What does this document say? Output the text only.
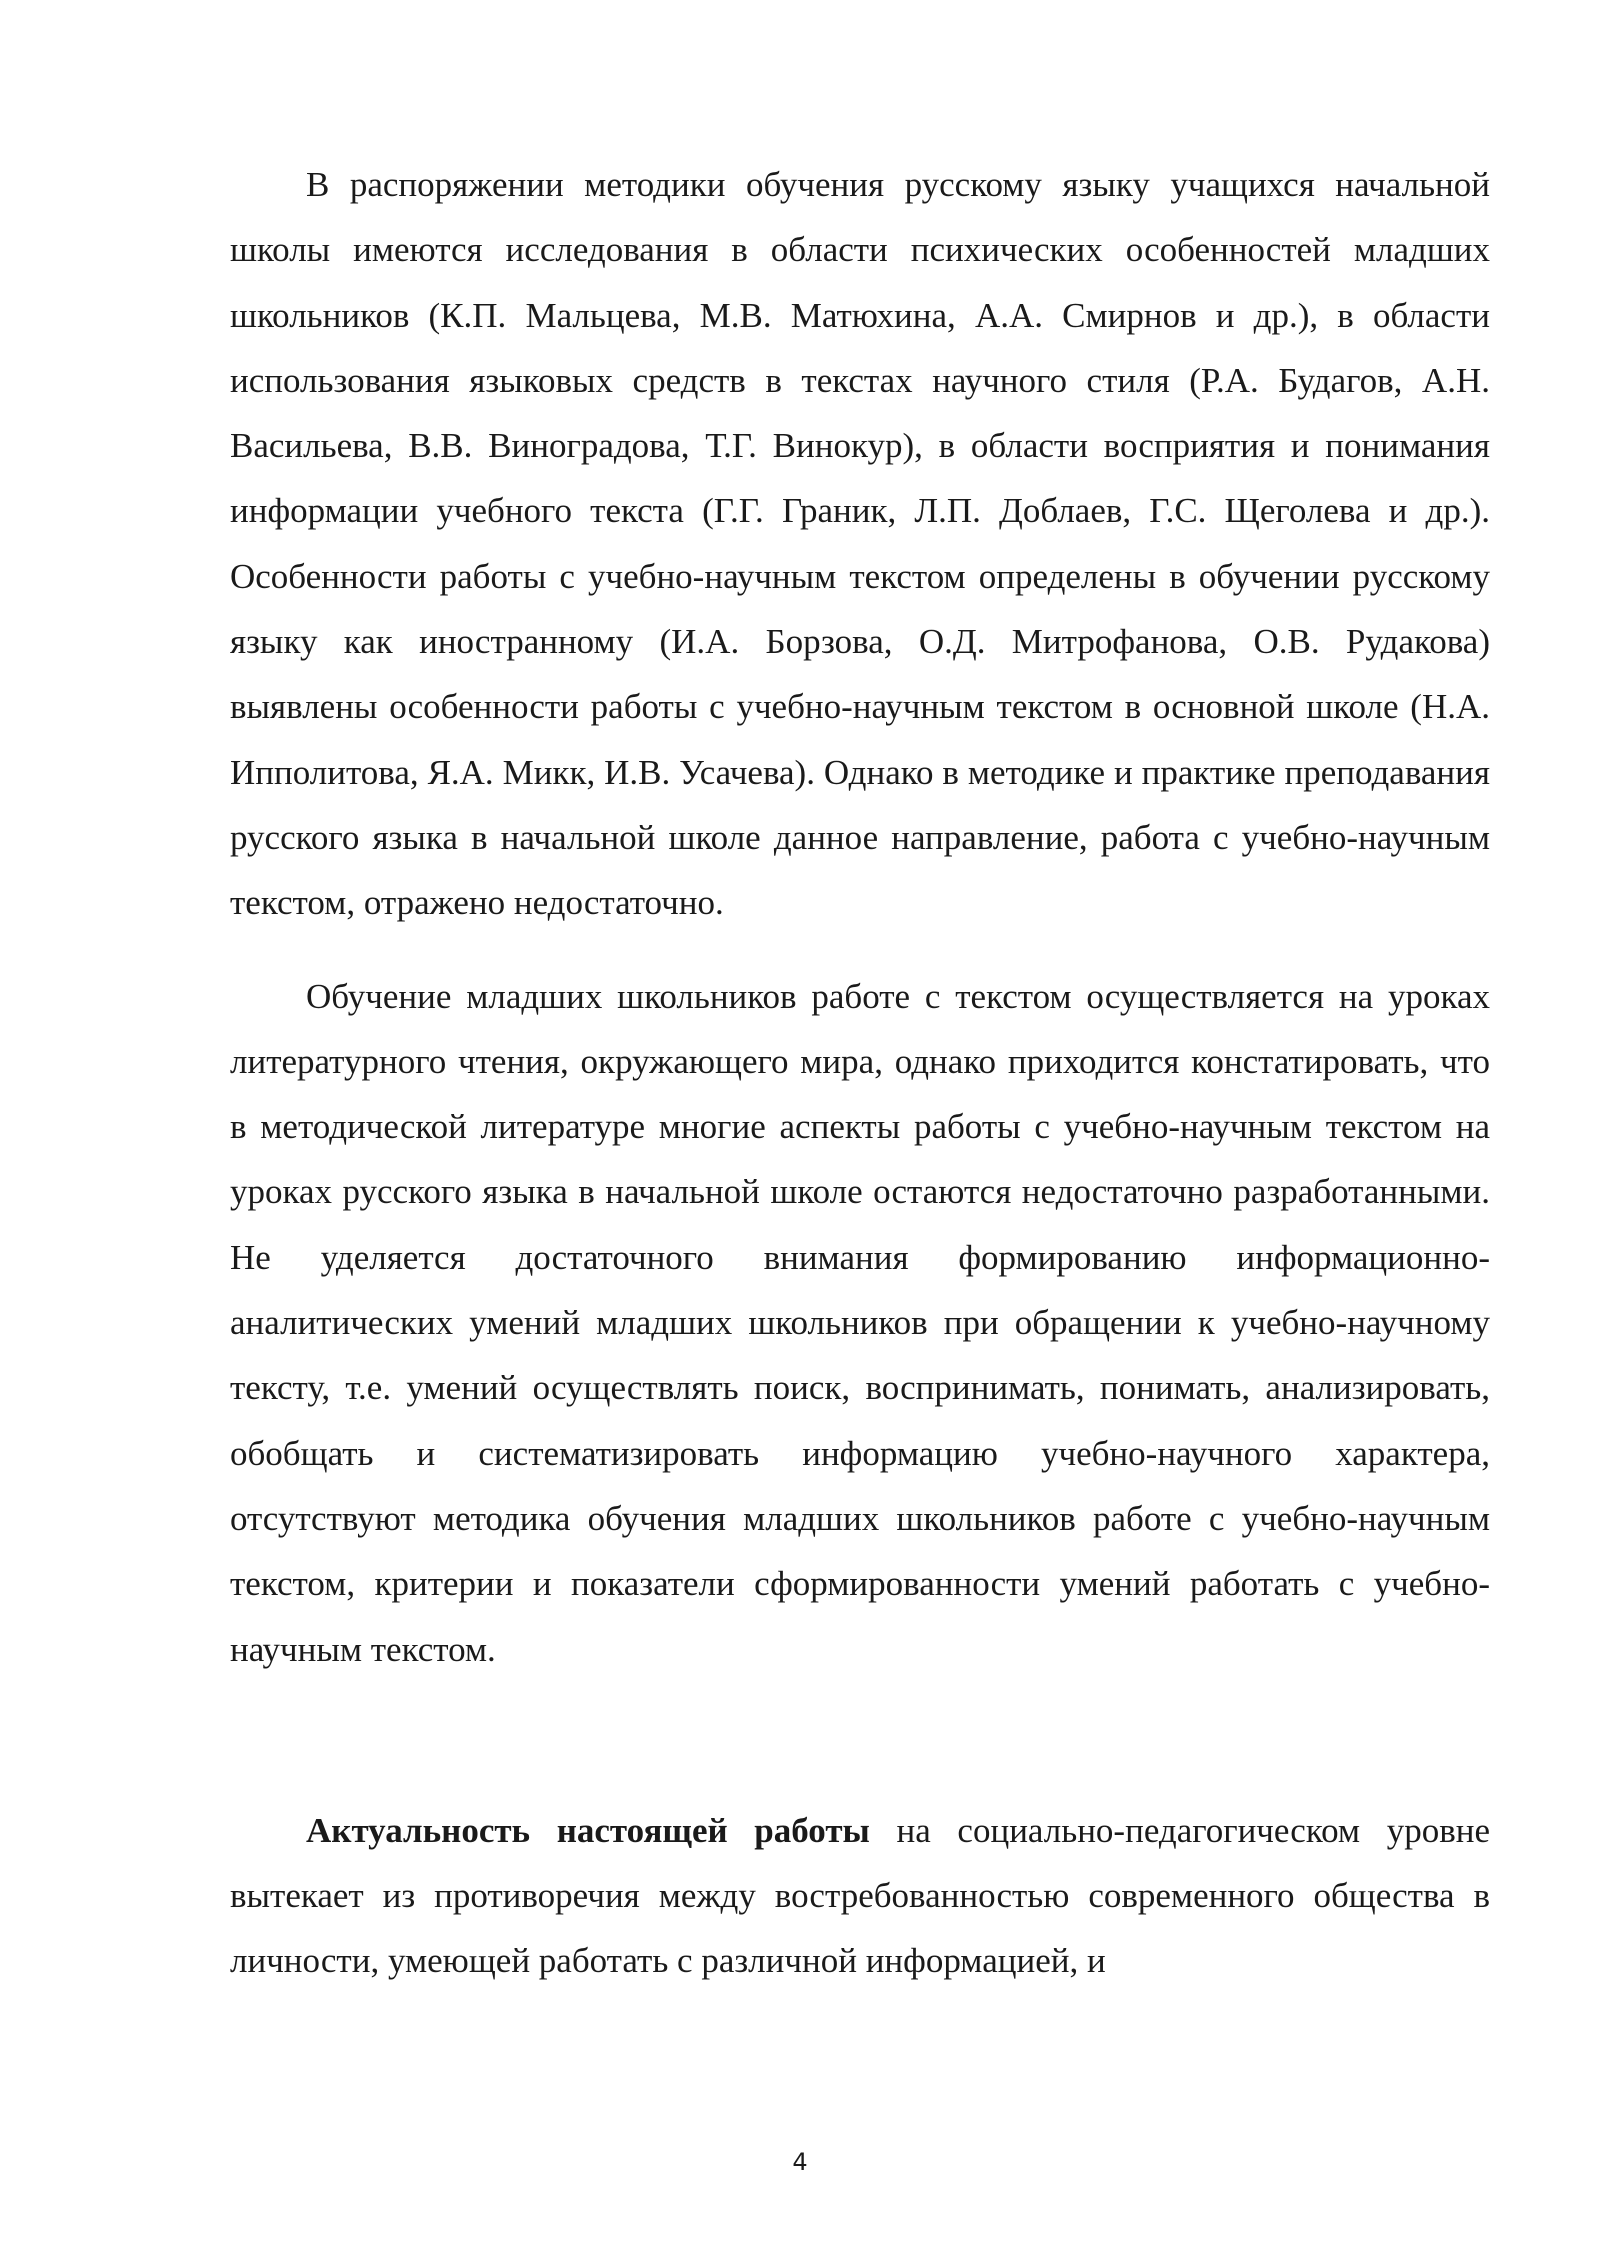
В распоряжении методики обучения русскому языку учащихся начальной школы имеются исследования в области психических особенностей младших школьников (К.П. Мальцева, М.В. Матюхина, А.А. Смирнов и др.), в области использования языковых средств в текстах научного стиля (Р.А. Будагов, А.Н. Васильева, В.В. Виноградова, Т.Г. Винокур), в области восприятия и понимания информации учебного текста (Г.Г. Граник, Л.П. Доблаев, Г.С. Щеголева и др.). Особенности работы с учебно-научным текстом определены в обучении русскому языку как иностранному (И.А. Борзова, О.Д. Митрофанова, О.В. Рудакова) выявлены особенности работы с учебно-научным текстом в основной школе (Н.А. Ипполитова, Я.А. Микк, И.В. Усачева). Однако в методике и практике преподавания русского языка в начальной школе данное направление, работа с учебно-научным текстом, отражено недостаточно.

Обучение младших школьников работе с текстом осуществляется на уроках литературного чтения, окружающего мира, однако приходится констатировать, что в методической литературе многие аспекты работы с учебно-научным текстом на уроках русского языка в начальной школе остаются недостаточно разработанными. Не уделяется достаточного внимания формированию информационно-аналитических умений младших школьников при обращении к учебно-научному тексту, т.е. умений осуществлять поиск, воспринимать, понимать, анализировать, обобщать и систематизировать информацию учебно-научного характера, отсутствуют методика обучения младших школьников работе с учебно-научным текстом, критерии и показатели сформированности умений работать с учебно-научным текстом.

Актуальность настоящей работы на социально-педагогическом уровне вытекает из противоречия между востребованностью современного общества в личности, умеющей работать с различной информацией, и

4
